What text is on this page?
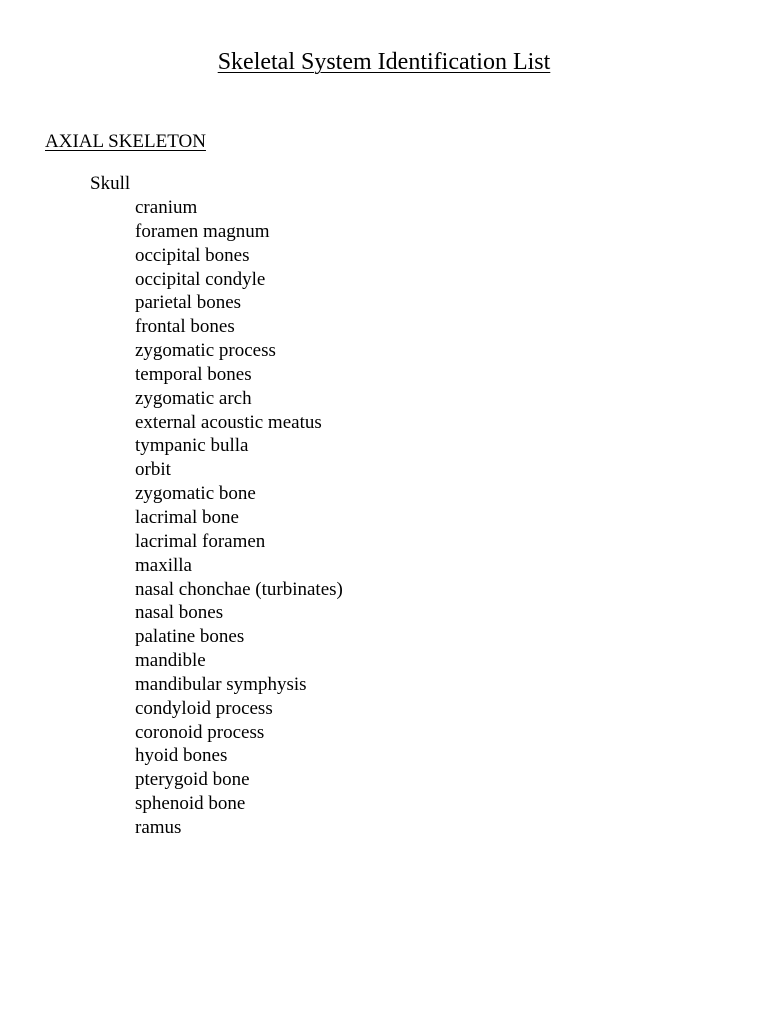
Skeletal System Identification List
AXIAL SKELETON
Skull
cranium
foramen magnum
occipital bones
occipital condyle
parietal bones
frontal bones
zygomatic process
temporal bones
zygomatic arch
external acoustic meatus
tympanic bulla
orbit
zygomatic bone
lacrimal bone
lacrimal foramen
maxilla
nasal chonchae (turbinates)
nasal bones
palatine bones
mandible
mandibular symphysis
condyloid process
coronoid process
hyoid bones
pterygoid bone
sphenoid bone
ramus
